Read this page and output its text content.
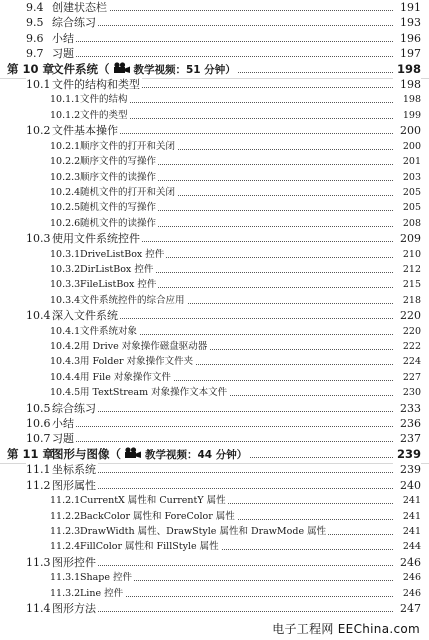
9.4 创建状态栏	191
9.5 综合练习	193
9.6 小结	196
9.7 习题	197
第 10 章文件系统（ 教学视频：51 分钟）	198
10.1 文件的结构和类型	198
10.1.1文件的结构	198
10.1.2文件的类型	199
10.2 文件基本操作	200
10.2.1顺序文件的打开和关闭	200
10.2.2顺序文件的写操作	201
10.2.3顺序文件的读操作	203
10.2.4随机文件的打开和关闭	205
10.2.5随机文件的写操作	205
10.2.6随机文件的读操作	208
10.3 使用文件系统控件	209
10.3.1DriveListBox 控件	210
10.3.2DirListBox 控件	212
10.3.3FileListBox 控件	215
10.3.4文件系统控件的综合应用	218
10.4 深入文件系统	220
10.4.1文件系统对象	220
10.4.2用 Drive 对象操作磁盘驱动器	222
10.4.3用 Folder 对象操作文件夹	224
10.4.4用 File 对象操作文件	227
10.4.5用 TextStream 对象操作文本文件	230
10.5 综合练习	233
10.6 小结	236
10.7 习题	237
第 11 章图形与图像（ 教学视频：44 分钟）	239
11.1 坐标系统	239
11.2 图形属性	240
11.2.1CurrentX 属性和 CurrentY 属性	241
11.2.2BackColor 属性和 ForeColor 属性	241
11.2.3DrawWidth 属性、DrawStyle 属性和 DrawMode 属性	241
11.2.4FillColor 属性和 FillStyle 属性	244
11.3 图形控件	246
11.3.1Shape 控件	246
11.3.2Line 控件	246
11.4 图形方法	247
电子工程网 EEChina.com
